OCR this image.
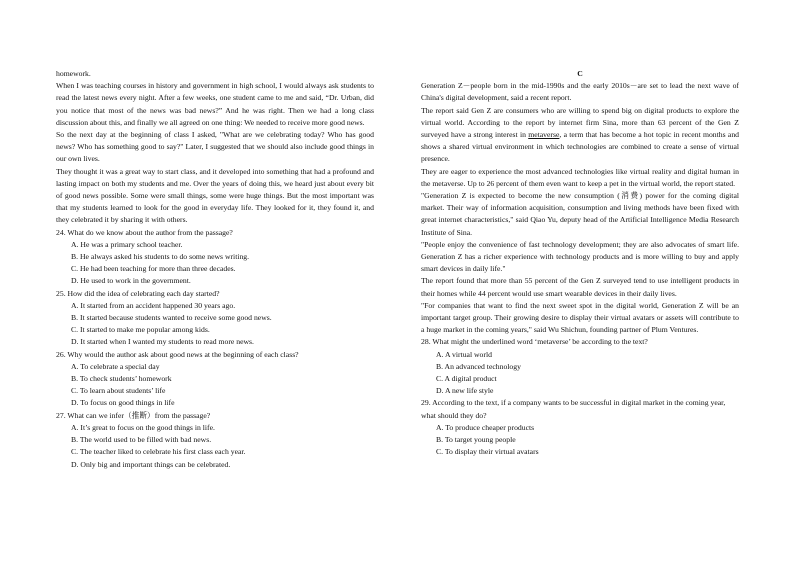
homework.

When I was teaching courses in history and government in high school, I would always ask students to read the latest news every night. After a few weeks, one student came to me and said, “Dr. Urban, did you notice that most of the news was bad news?” And he was right. Then we had a long class discussion about this, and finally we all agreed on one thing: We needed to receive more good news.

So the next day at the beginning of class I asked, "What are we celebrating today? Who has good news? Who has something good to say?" Later, I suggested that we should also include good things in our own lives.

They thought it was a great way to start class, and it developed into something that had a profound and lasting impact on both my students and me. Over the years of doing this, we heard just about every bit of good news possible. Some were small things, some were huge things. But the most important was that my students learned to look for the good in everyday life. They looked for it, they found it, and they celebrated it by sharing it with others.

24. What do we know about the author from the passage?

A. He was a primary school teacher.

B. He always asked his students to do some news writing.

C. He had been teaching for more than three decades.

D. He used to work in the government.

25. How did the idea of celebrating each day started?

A. It started from an accident happened 30 years ago.

B. It started because students wanted to receive some good news.

C. It started to make me popular among kids.

D. It started when I wanted my students to read more news.

26. Why would the author ask about good news at the beginning of each class?

A. To celebrate a special day

B. To check students’ homework

C. To learn about students’ life

D. To focus on good things in life

27. What can we infer（推断）from the passage?

A. It’s great to focus on the good things in life.

B. The world used to be filled with bad news.

C. The teacher liked to celebrate his first class each year.

D. Only big and important things can be celebrated.

C

Generation Z－people born in the mid-1990s and the early 2010s－are set to lead the next wave of China's digital development, said a recent report.

The report said Gen Z are consumers who are willing to spend big on digital products to explore the virtual world. According to the report by internet firm Sina, more than 63 percent of the Gen Z surveyed have a strong interest in metaverse, a term that has become a hot topic in recent months and shows a shared virtual environment in which technologies are combined to create a sense of virtual presence.

They are eager to experience the most advanced technologies like virtual reality and digital human in the metaverse. Up to 26 percent of them even want to keep a pet in the virtual world, the report stated.

"Generation Z is expected to become the new consumption (消费) power for the coming digital market. Their way of information acquisition, consumption and living methods have been fixed with great internet characteristics," said Qiao Yu, deputy head of the Artificial Intelligence Media Research Institute of Sina.

"People enjoy the convenience of fast technology development; they are also advocates of smart life. Generation Z has a richer experience with technology products and is more willing to buy and apply smart devices in daily life."

The report found that more than 55 percent of the Gen Z surveyed tend to use intelligent products in their homes while 44 percent would use smart wearable devices in their daily lives.

"For companies that want to find the next sweet spot in the digital world, Generation Z will be an important target group. Their growing desire to display their virtual avatars or assets will contribute to a huge market in the coming years," said Wu Shichun, founding partner of Plum Ventures.

28. What might the underlined word ‘metaverse’ be according to the text?

A. A virtual world

B. An advanced technology

C. A digital product

D. A new life style

29. According to the text, if a company wants to be successful in digital market in the coming year, what should they do?

A. To produce cheaper products

B. To target young people

C. To display their virtual avatars
